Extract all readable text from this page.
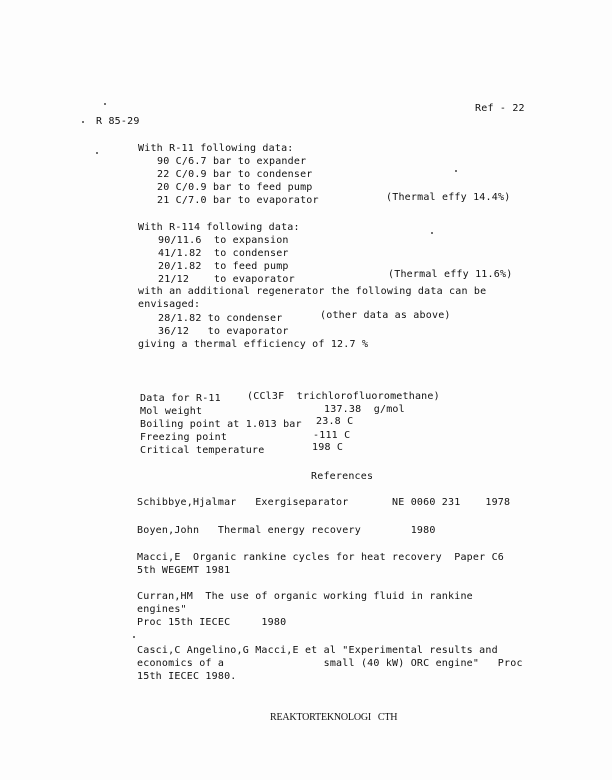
R 85-29
Ref - 22
With R-11 following data:
90 C/6.7 bar to expander
22 C/0.9 bar to condenser
20 C/0.9 bar to feed pump
21 C/7.0 bar to evaporator	(Thermal effy 14.4%)
With R-114 following data:
90/11.6  to expansion
41/1.82  to condenser
20/1.82  to feed pump
21/12    to evaporator	(Thermal effy 11.6%)
with an additional regenerator the following data can be
envisaged:
28/1.82 to condenser
36/12   to evaporator
(other data as above)
giving a thermal efficiency of 12.7 %
Data for R-11	(CCl3F  trichlorofluoromethane)
Mol weight	137.38  g/mol
Boiling point at 1.013 bar 23.8 C
Freezing point	-111 C
Critical temperature	198 C
References
Schibbye,Hjalmar   Exergiseparator       NE 0060 231    1978
Boyen,John   Thermal energy recovery        1980
Macci,E  Organic rankine cycles for heat recovery  Paper C6
5th WEGEMT 1981
Curran,HM  The use of organic working fluid in rankine
engines"
Proc 15th IECEC     1980
Casci,C Angelino,G Macci,E et al "Experimental results and
economics of a                small (40 kW) ORC engine"   Proc
15th IECEC 1980.
REAKTORTEKNOLOGI   CTH
